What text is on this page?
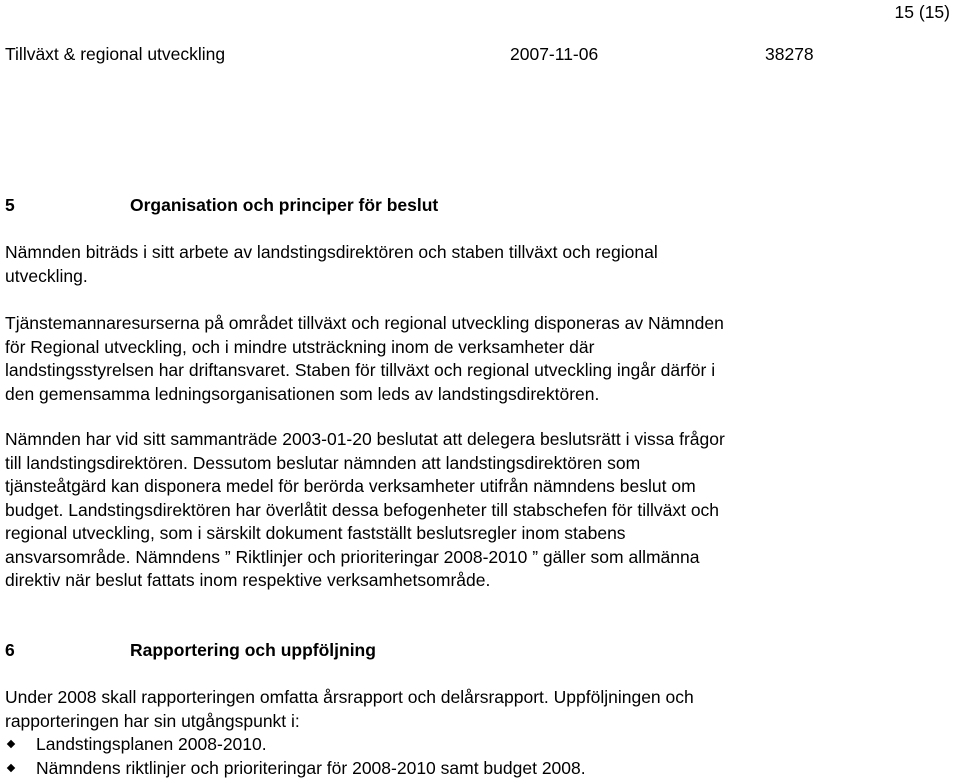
15 (15)
Tillväxt & regional utveckling	2007-11-06	38278
5	Organisation och principer för beslut
Nämnden biträds i sitt arbete av landstingsdirektören och staben tillväxt och regional
utveckling.
Tjänstemannaresurserna på området tillväxt och regional utveckling disponeras av Nämnden
för Regional utveckling, och i mindre utsträckning inom de verksamheter där
landstingsstyrelsen har driftansvaret. Staben för tillväxt och regional utveckling ingår därför i
den gemensamma ledningsorganisationen som leds av landstingsdirektören.
Nämnden har vid sitt sammanträde 2003-01-20 beslutat att delegera beslutsrätt i vissa frågor
till landstingsdirektören. Dessutom beslutar nämnden att landstingsdirektören som
tjänsteåtgärd kan disponera medel för berörda verksamheter utifrån nämndens beslut om
budget. Landstingsdirektören har överlåtit dessa befogenheter till stabschefen för tillväxt och
regional utveckling, som i särskilt dokument fastställt beslutsregler inom stabens
ansvarsområde. Nämndens ” Riktlinjer och prioriteringar 2008-2010 ” gäller som allmänna
direktiv när beslut fattats inom respektive verksamhetsområde.
6	Rapportering och uppföljning
Under 2008 skall rapporteringen omfatta årsrapport och delårsrapport. Uppföljningen och
rapporteringen har sin utgångspunkt i:
Landstingsplanen 2008-2010.
Nämndens riktlinjer och prioriteringar för 2008-2010 samt budget 2008.
